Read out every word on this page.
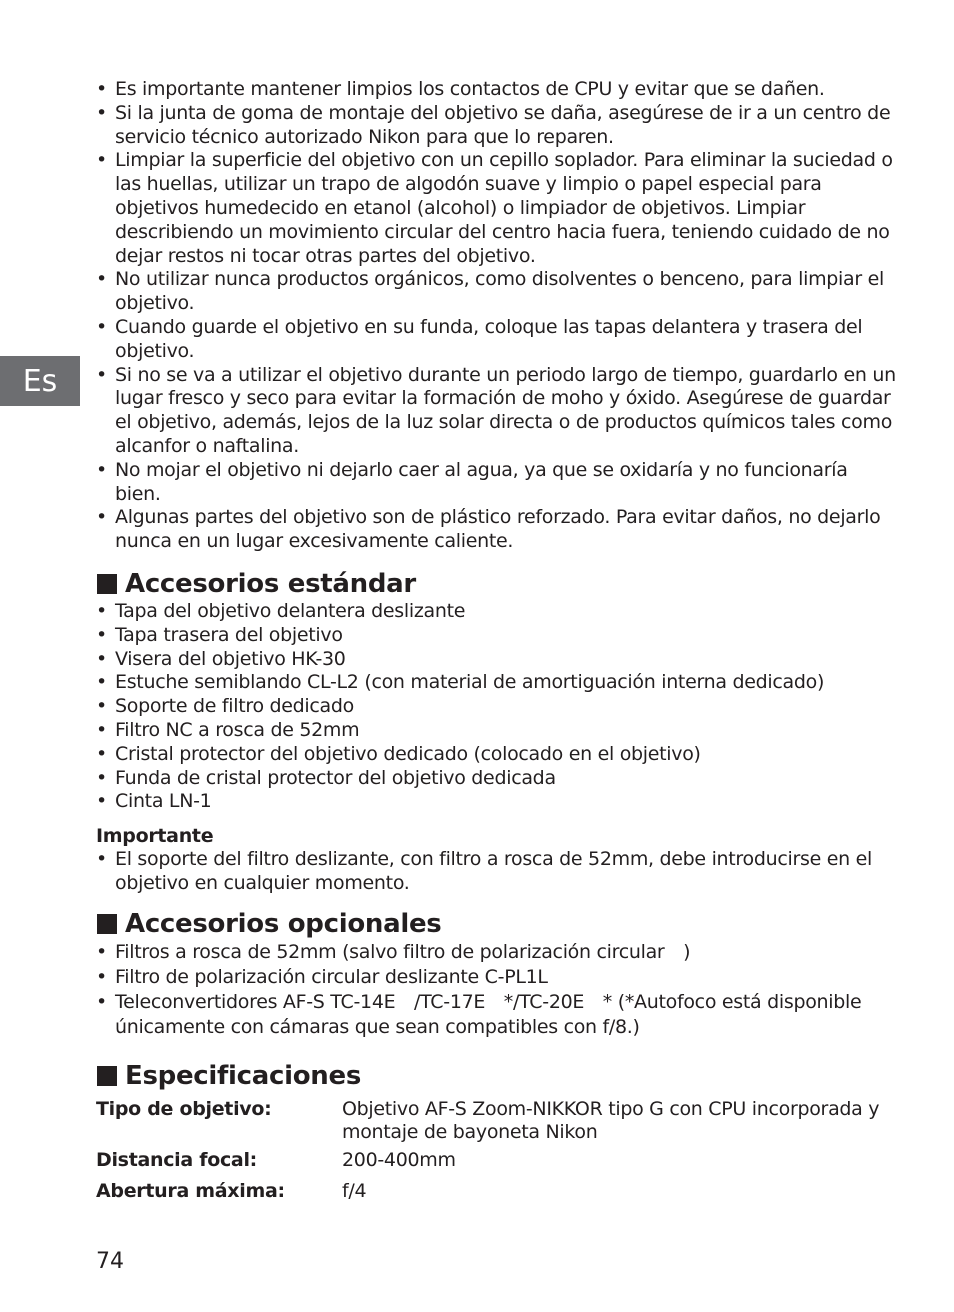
Es
• Es importante mantener limpios los contactos de CPU y evitar que se dañen.
• Si la junta de goma de montaje del objetivo se daña, asegúrese de ir a un centro de servicio técnico autorizado Nikon para que lo reparen.
• Limpiar la superficie del objetivo con un cepillo soplador. Para eliminar la suciedad o las huellas, utilizar un trapo de algodón suave y limpio o papel especial para objetivos humedecido en etanol (alcohol) o limpiador de objetivos. Limpiar describiendo un movimiento circular del centro hacia fuera, teniendo cuidado de no dejar restos ni tocar otras partes del objetivo.
• No utilizar nunca productos orgánicos, como disolventes o benceno, para limpiar el objetivo.
• Cuando guarde el objetivo en su funda, coloque las tapas delantera y trasera del objetivo.
• Si no se va a utilizar el objetivo durante un periodo largo de tiempo, guardarlo en un lugar fresco y seco para evitar la formación de moho y óxido. Asegúrese de guardar el objetivo, además, lejos de la luz solar directa o de productos químicos tales como alcanfor o naftalina.
• No mojar el objetivo ni dejarlo caer al agua, ya que se oxidaría y no funcionaría bien.
• Algunas partes del objetivo son de plástico reforzado. Para evitar daños, no dejarlo nunca en un lugar excesivamente caliente.
Accesorios estándar
• Tapa del objetivo delantera deslizante
• Tapa trasera del objetivo
• Visera del objetivo HK-30
• Estuche semiblando CL-L2 (con material de amortiguación interna dedicado)
• Soporte de filtro dedicado
• Filtro NC a rosca de 52mm
• Cristal protector del objetivo dedicado (colocado en el objetivo)
• Funda de cristal protector del objetivo dedicada
• Cinta LN-1

Importante

• El soporte del filtro deslizante, con filtro a rosca de 52mm, debe introducirse en el objetivo en cualquier momento.
Accesorios opcionales
• Filtros a rosca de 52mm (salvo filtro de polarización circular )
• Filtro de polarización circular deslizante C-PL1L
• Teleconvertidores AF-S TC-14E /TC-17E */TC-20E * (*Autofoco está disponible únicamente con cámaras que sean compatibles con f/8.)
Especificaciones
Tipo de objetivo:	Objetivo AF-S Zoom-NIKKOR tipo G con CPU incorporada y montaje de bayoneta Nikon
Distancia focal:	200-400mm
Abertura máxima:	f/4
74
